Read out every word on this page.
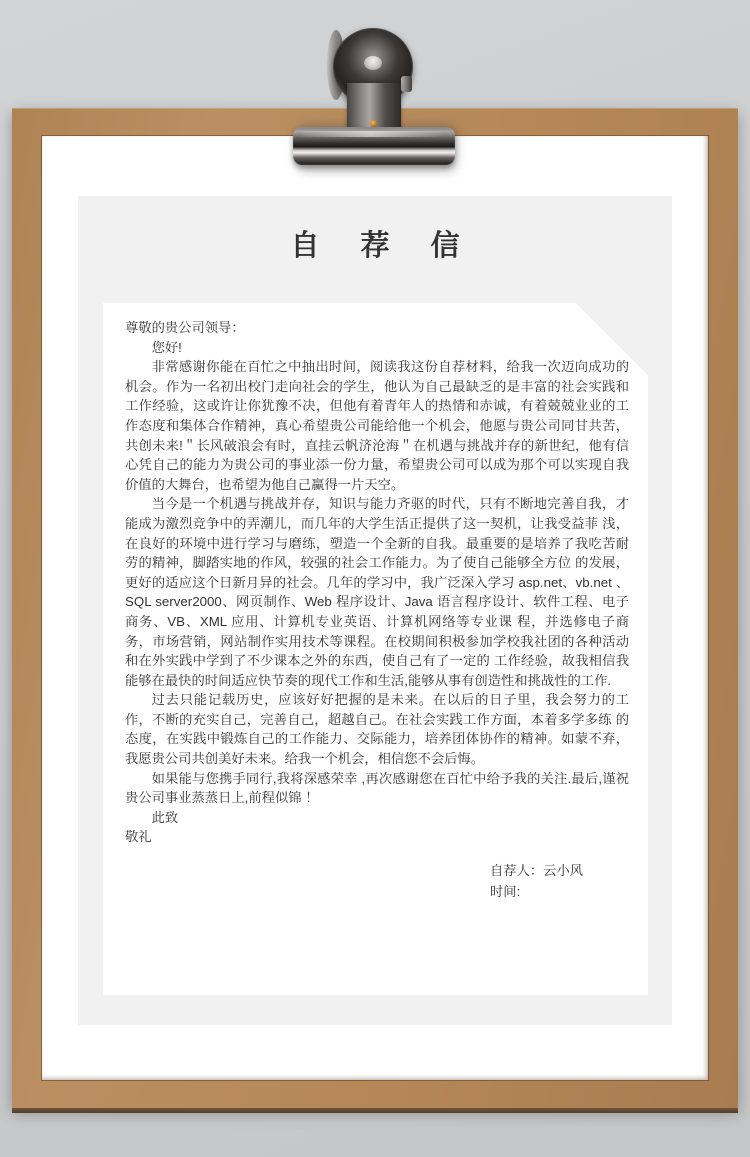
自荐信

尊敬的贵公司领导：

您好!

非常感谢你能在百忙之中抽出时间，阅读我这份自荐材料，给我一次迈向成功的机会。作为一名初出校门走向社会的学生，他认为自己最缺乏的是丰富的社会实践和工作经验，这或许让你犹豫不决，但他有着青年人的热情和赤诚，有着兢兢业业的工作态度和集体合作精神，真心希望贵公司能给他一个机会，他愿与贵公司同甘共苦，共创未来!＂长风破浪会有时，直挂云帆济沧海＂在机遇与挑战并存的新世纪，他有信心凭自己的能力为贵公司的事业添一份力量，希望贵公司可以成为那个可以实现自我价值的大舞台，也希望为他自己赢得一片天空。

当今是一个机遇与挑战并存，知识与能力齐驱的时代，只有不断地完善自我，才能成为激烈竞争中的弄潮儿，而几年的大学生活正提供了这一契机，让我受益菲 浅，在良好的环境中进行学习与磨练，塑造一个全新的自我。最重要的是培养了我吃苦耐劳的精神，脚踏实地的作风，较强的社会工作能力。为了使自己能够全方位 的发展，更好的适应这个日新月异的社会。几年的学习中，我广泛深入学习 asp.net、vb.net 、SQL server2000、网页制作、Web 程序设计、Java 语言程序设计、软件工程、电子商务、VB、XML 应用、计算机专业英语、计算机网络等专业课 程，并选修电子商务，市场营销，网站制作实用技术等课程。在校期间积极参加学校我社团的各种活动和在外实践中学到了不少课本之外的东西，使自己有了一定的 工作经验，故我相信我能够在最快的时间适应快节奏的现代工作和生活,能够从事有创造性和挑战性的工作.

过去只能记载历史，应该好好把握的是未来。在以后的日子里，我会努力的工作，不断的充实自己，完善自己，超越自己。在社会实践工作方面，本着多学多练 的态度，在实践中锻炼自己的工作能力、交际能力，培养团体协作的精神。如蒙不弃，我愿贵公司共创美好未来。给我一个机会，相信您不会后悔。

如果能与您携手同行,我将深感荣幸 ,再次感谢您在百忙中给予我的关注.最后,谨祝贵公司事业蒸蒸日上,前程似锦 ！

此致

敬礼

自荐人：云小风
时间:
